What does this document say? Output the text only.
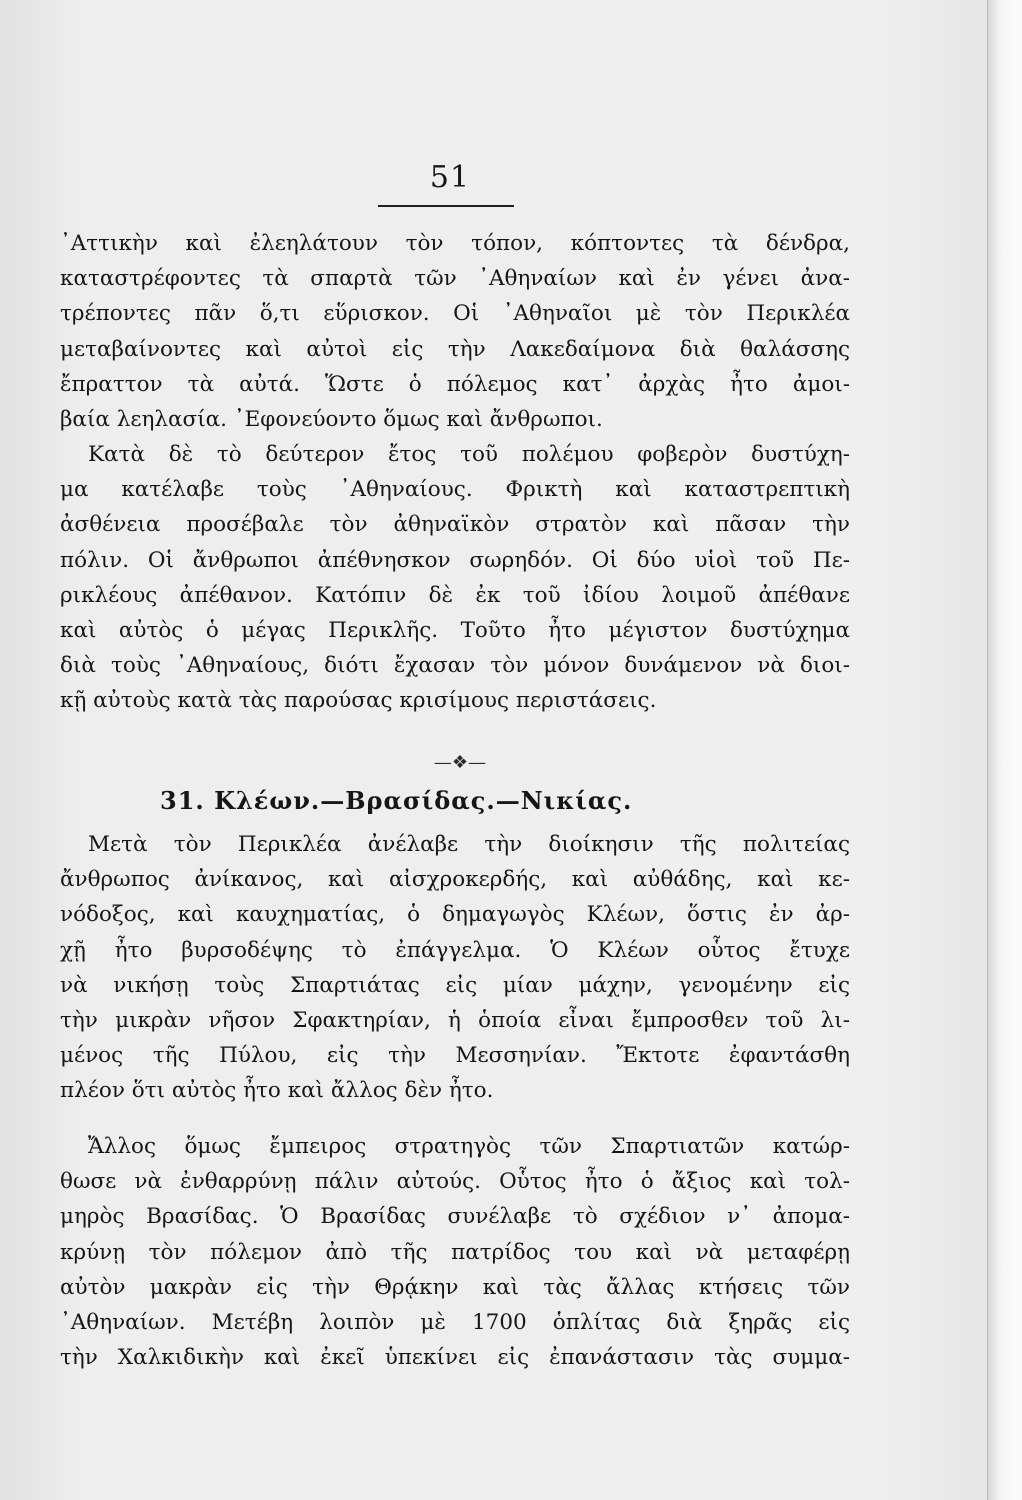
51
᾿Αττικὴν καὶ ἐλεηλάτουν τὸν τόπον, κόπτοντες τὰ δένδρα,
καταστρέφοντες τὰ σπαρτὰ τῶν ᾿Αθηναίων καὶ ἐν γένει ἀνα-
τρέποντες πᾶν ὅ,τι εὕρισκον. Οἱ ᾿Αθηναῖοι μὲ τὸν Περικλέα
μεταβαίνοντες καὶ αὐτοὶ εἰς τὴν Λακεδαίμονα διὰ θαλάσσης
ἔπραττον τὰ αὐτά. Ὥστε ὁ πόλεμος κατ᾿ ἀρχὰς ἦτο ἀμοι-
βαία λεηλασία. ᾿Εφονεύοντο ὅμως καὶ ἄνθρωποι.
Κατὰ δὲ τὸ δεύτερον ἔτος τοῦ πολέμου φοβερὸν δυστύχη-
μα κατέλαβε τοὺς ᾿Αθηναίους. Φρικτὴ καὶ καταστρεπτικὴ
ἀσθένεια προσέβαλε τὸν ἀθηναϊκὸν στρατὸν καὶ πᾶσαν τὴν
πόλιν. Οἱ ἄνθρωποι ἀπέθνησκον σωρηδόν. Οἱ δύο υἱοὶ τοῦ Πε-
ρικλέους ἀπέθανον. Κατόπιν δὲ ἐκ τοῦ ἰδίου λοιμοῦ ἀπέθανε
καὶ αὐτὸς ὁ μέγας Περικλῆς. Τοῦτο ἦτο μέγιστον δυστύχημα
διὰ τοὺς ᾿Αθηναίους, διότι ἔχασαν τὸν μόνον δυνάμενον νὰ διοι-
κῇ αὐτοὺς κατὰ τὰς παρούσας κρισίμους περιστάσεις.
—❖—
31. Κλέων.—Βρασίδας.—Νικίας.
Μετὰ τὸν Περικλέα ἀνέλαβε τὴν διοίκησιν τῆς πολιτείας
ἄνθρωπος ἀνίκανος, καὶ αἰσχροκερδής, καὶ αὐθάδης, καὶ κε-
νόδοξος, καὶ καυχηματίας, ὁ δημαγωγὸς Κλέων, ὅστις ἐν ἀρ-
χῇ ἦτο βυρσοδέψης τὸ ἐπάγγελμα. Ὁ Κλέων οὗτος ἔτυχε
νὰ νικήσῃ τοὺς Σπαρτιάτας εἰς μίαν μάχην, γενομένην εἰς
τὴν μικρὰν νῆσον Σφακτηρίαν, ἡ ὁποία εἶναι ἔμπροσθεν τοῦ λι-
μένος τῆς Πύλου, εἰς τὴν Μεσσηνίαν. Ἔκτοτε ἐφαντάσθη
πλέον ὅτι αὐτὸς ἦτο καὶ ἄλλος δὲν ἦτο.
Ἄλλος ὅμως ἔμπειρος στρατηγὸς τῶν Σπαρτιατῶν κατώρ-
θωσε νὰ ἐνθαρρύνῃ πάλιν αὐτούς. Οὗτος ἦτο ὁ ἄξιος καὶ τολ-
μηρὸς Βρασίδας. Ὁ Βρασίδας συνέλαβε τὸ σχέδιον ν᾿ ἀπομα-
κρύνῃ τὸν πόλεμον ἀπὸ τῆς πατρίδος του καὶ νὰ μεταφέρῃ
αὐτὸν μακρὰν εἰς τὴν Θρᾴκην καὶ τὰς ἄλλας κτήσεις τῶν
᾿Αθηναίων. Μετέβη λοιπὸν μὲ 1700 ὁπλίτας διὰ ξηρᾶς εἰς
τὴν Χαλκιδικὴν καὶ ἐκεῖ ὑπεκίνει εἰς ἐπανάστασιν τὰς συμμα-
